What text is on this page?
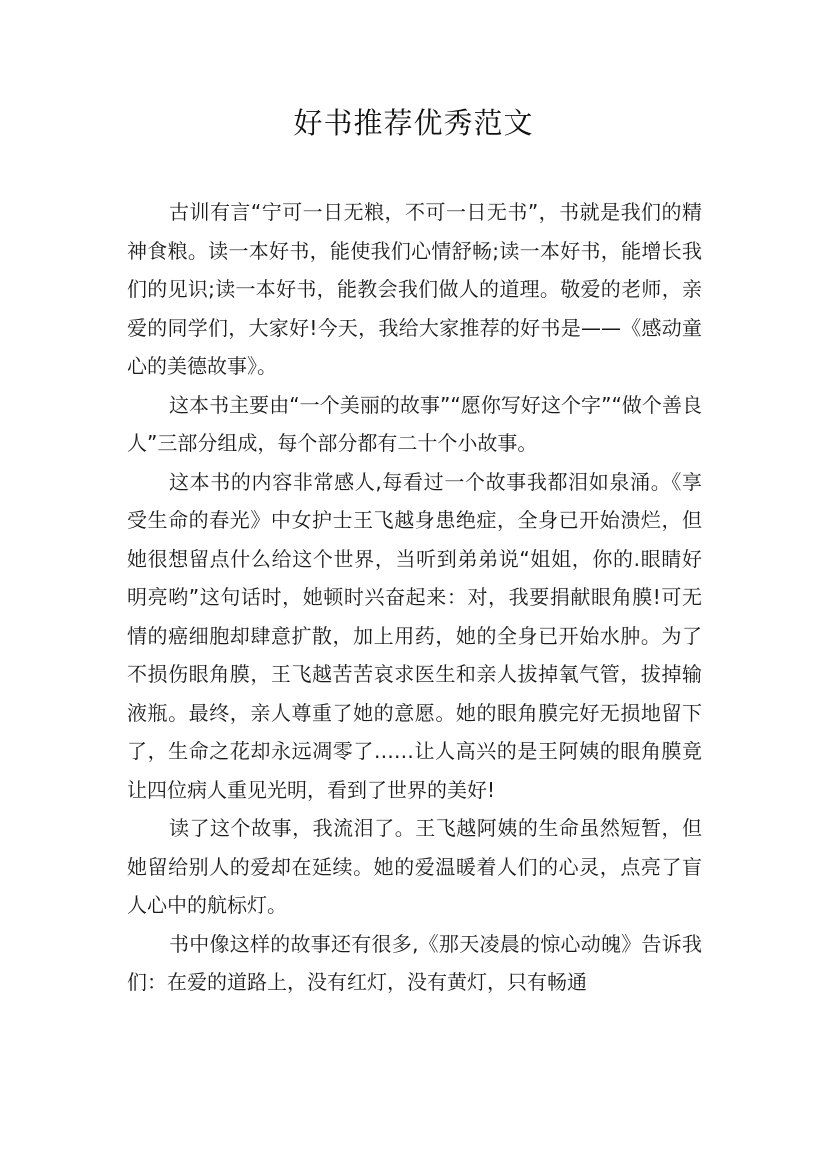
好书推荐优秀范文

古训有言“宁可一日无粮，不可一日无书”，书就是我们的精神食粮。读一本好书，能使我们心情舒畅;读一本好书，能增长我们的见识;读一本好书，能教会我们做人的道理。敬爱的老师，亲爱的同学们，大家好!今天，我给大家推荐的好书是——《感动童心的美德故事》。

这本书主要由“一个美丽的故事”“愿你写好这个字”“做个善良人”三部分组成，每个部分都有二十个小故事。

这本书的内容非常感人,每看过一个故事我都泪如泉涌。《享受生命的春光》中女护士王飞越身患绝症，全身已开始溃烂，但她很想留点什么给这个世界，当听到弟弟说“姐姐，你的.眼睛好明亮哟”这句话时，她顿时兴奋起来：对，我要捐献眼角膜!可无情的癌细胞却肆意扩散，加上用药，她的全身已开始水肿。为了不损伤眼角膜，王飞越苦苦哀求医生和亲人拔掉氧气管，拔掉输液瓶。最终，亲人尊重了她的意愿。她的眼角膜完好无损地留下了，生命之花却永远凋零了……让人高兴的是王阿姨的眼角膜竟让四位病人重见光明，看到了世界的美好!

读了这个故事，我流泪了。王飞越阿姨的生命虽然短暂，但她留给别人的爱却在延续。她的爱温暖着人们的心灵，点亮了盲人心中的航标灯。

书中像这样的故事还有很多,《那天凌晨的惊心动魄》告诉我们：在爱的道路上，没有红灯，没有黄灯，只有畅通
